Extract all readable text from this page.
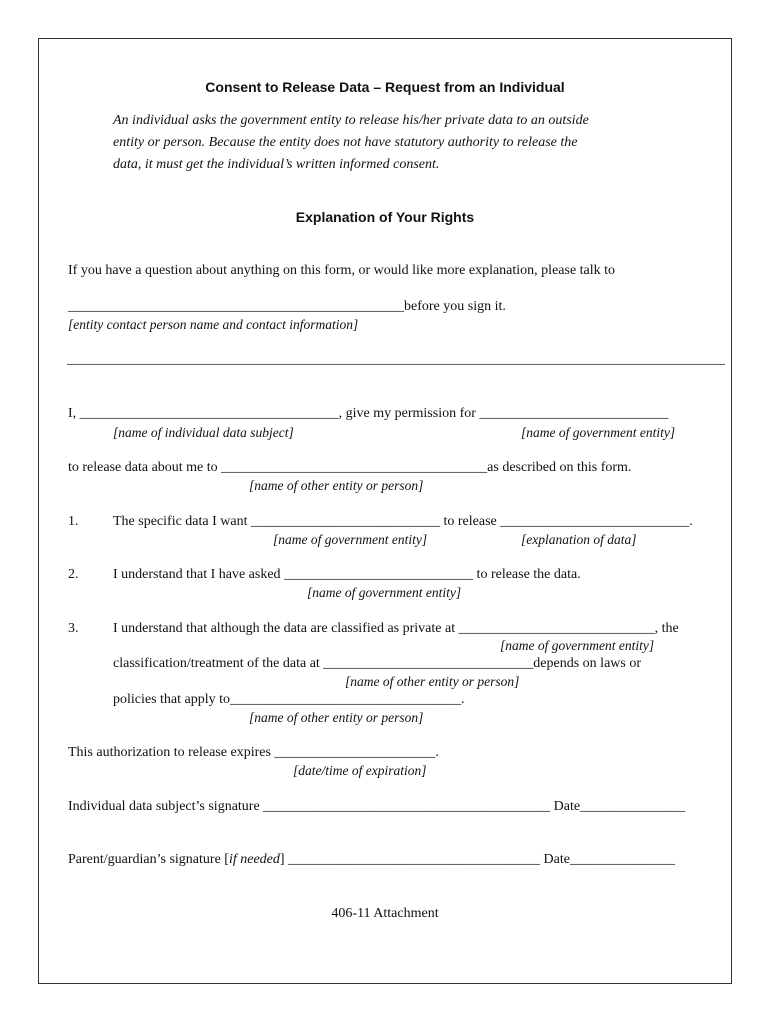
Consent to Release Data – Request from an Individual
An individual asks the government entity to release his/her private data to an outside
entity or person. Because the entity does not have statutory authority to release the
data, it must get the individual’s written informed consent.
Explanation of Your Rights
If you have a question about anything on this form, or would like more explanation, please talk to
________________________________________________before you sign it.
[entity contact person name and contact information]
______________________________________________________________________________________________
I, _____________________________________, give my permission for ___________________________
[name of individual data subject]	[name of government entity]
to release data about me to ______________________________________as described on this form.
[name of other entity or person]
1. The specific data I want ___________________________ to release ___________________________.
[name of government entity]	[explanation of data]
2. I understand that I have asked ___________________________ to release the data.
[name of government entity]
3. I understand that although the data are classified as private at ____________________________, the
[name of government entity]
classification/treatment of the data at ______________________________depends on laws or
[name of other entity or person]
policies that apply to_________________________________.
[name of other entity or person]
This authorization to release expires _______________________.
[date/time of expiration]
Individual data subject’s signature _________________________________________ Date_______________
Parent/guardian’s signature [if needed] ____________________________________ Date_______________
406-11 Attachment
